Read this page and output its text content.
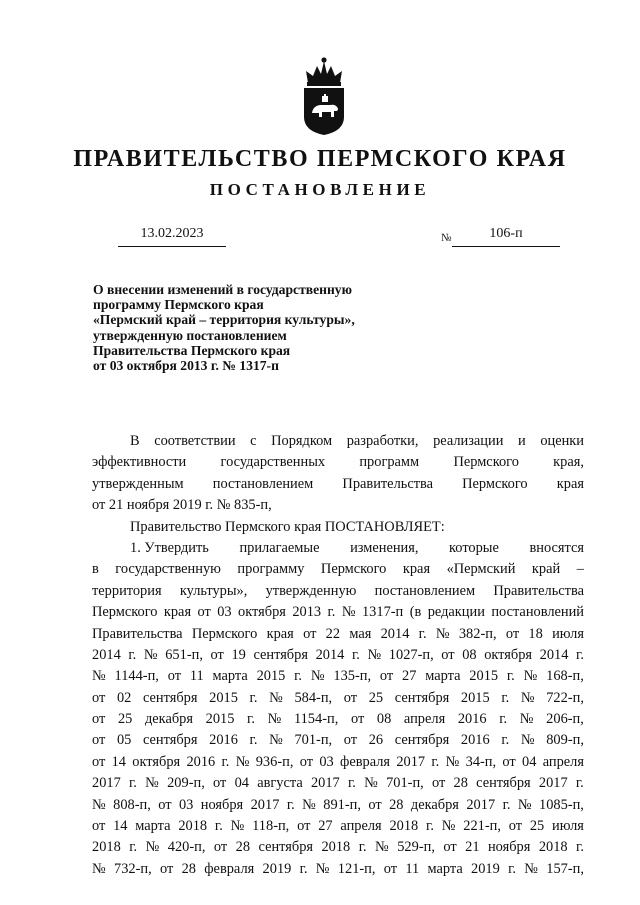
ПРАВИТЕЛЬСТВО ПЕРМСКОГО КРАЯ
ПОСТАНОВЛЕНИЕ
13.02.2023	№	106-п
О внесении изменений в государственную
программу Пермского края
«Пермский край – территория культуры»,
утвержденную постановлением
Правительства Пермского края
от 03 октября 2013 г. № 1317-п
В соответствии с Порядком разработки, реализации и оценки
эффективности государственных программ Пермского края,
утвержденным постановлением Правительства Пермского края
от 21 ноября 2019 г. № 835-п,
Правительство Пермского края ПОСТАНОВЛЯЕТ:
1. Утвердить прилагаемые изменения, которые вносятся
в государственную программу Пермского края «Пермский край –
территория культуры», утвержденную постановлением Правительства
Пермского края от 03 октября 2013 г. № 1317-п (в редакции постановлений
Правительства Пермского края от 22 мая 2014 г. № 382-п, от 18 июля
2014 г. № 651-п, от 19 сентября 2014 г. № 1027-п, от 08 октября 2014 г.
№ 1144-п, от 11 марта 2015 г. № 135-п, от 27 марта 2015 г. № 168-п,
от 02 сентября 2015 г. № 584-п, от 25 сентября 2015 г. № 722-п,
от 25 декабря 2015 г. № 1154-п, от 08 апреля 2016 г. № 206-п,
от 05 сентября 2016 г. № 701-п, от 26 сентября 2016 г. № 809-п,
от 14 октября 2016 г. № 936-п, от 03 февраля 2017 г. № 34-п, от 04 апреля
2017 г. № 209-п, от 04 августа 2017 г. № 701-п, от 28 сентября 2017 г.
№ 808-п, от 03 ноября 2017 г. № 891-п, от 28 декабря 2017 г. № 1085-п,
от 14 марта 2018 г. № 118-п, от 27 апреля 2018 г. № 221-п, от 25 июля
2018 г. № 420-п, от 28 сентября 2018 г. № 529-п, от 21 ноября 2018 г.
№ 732-п, от 28 февраля 2019 г. № 121-п, от 11 марта 2019 г. № 157-п,
